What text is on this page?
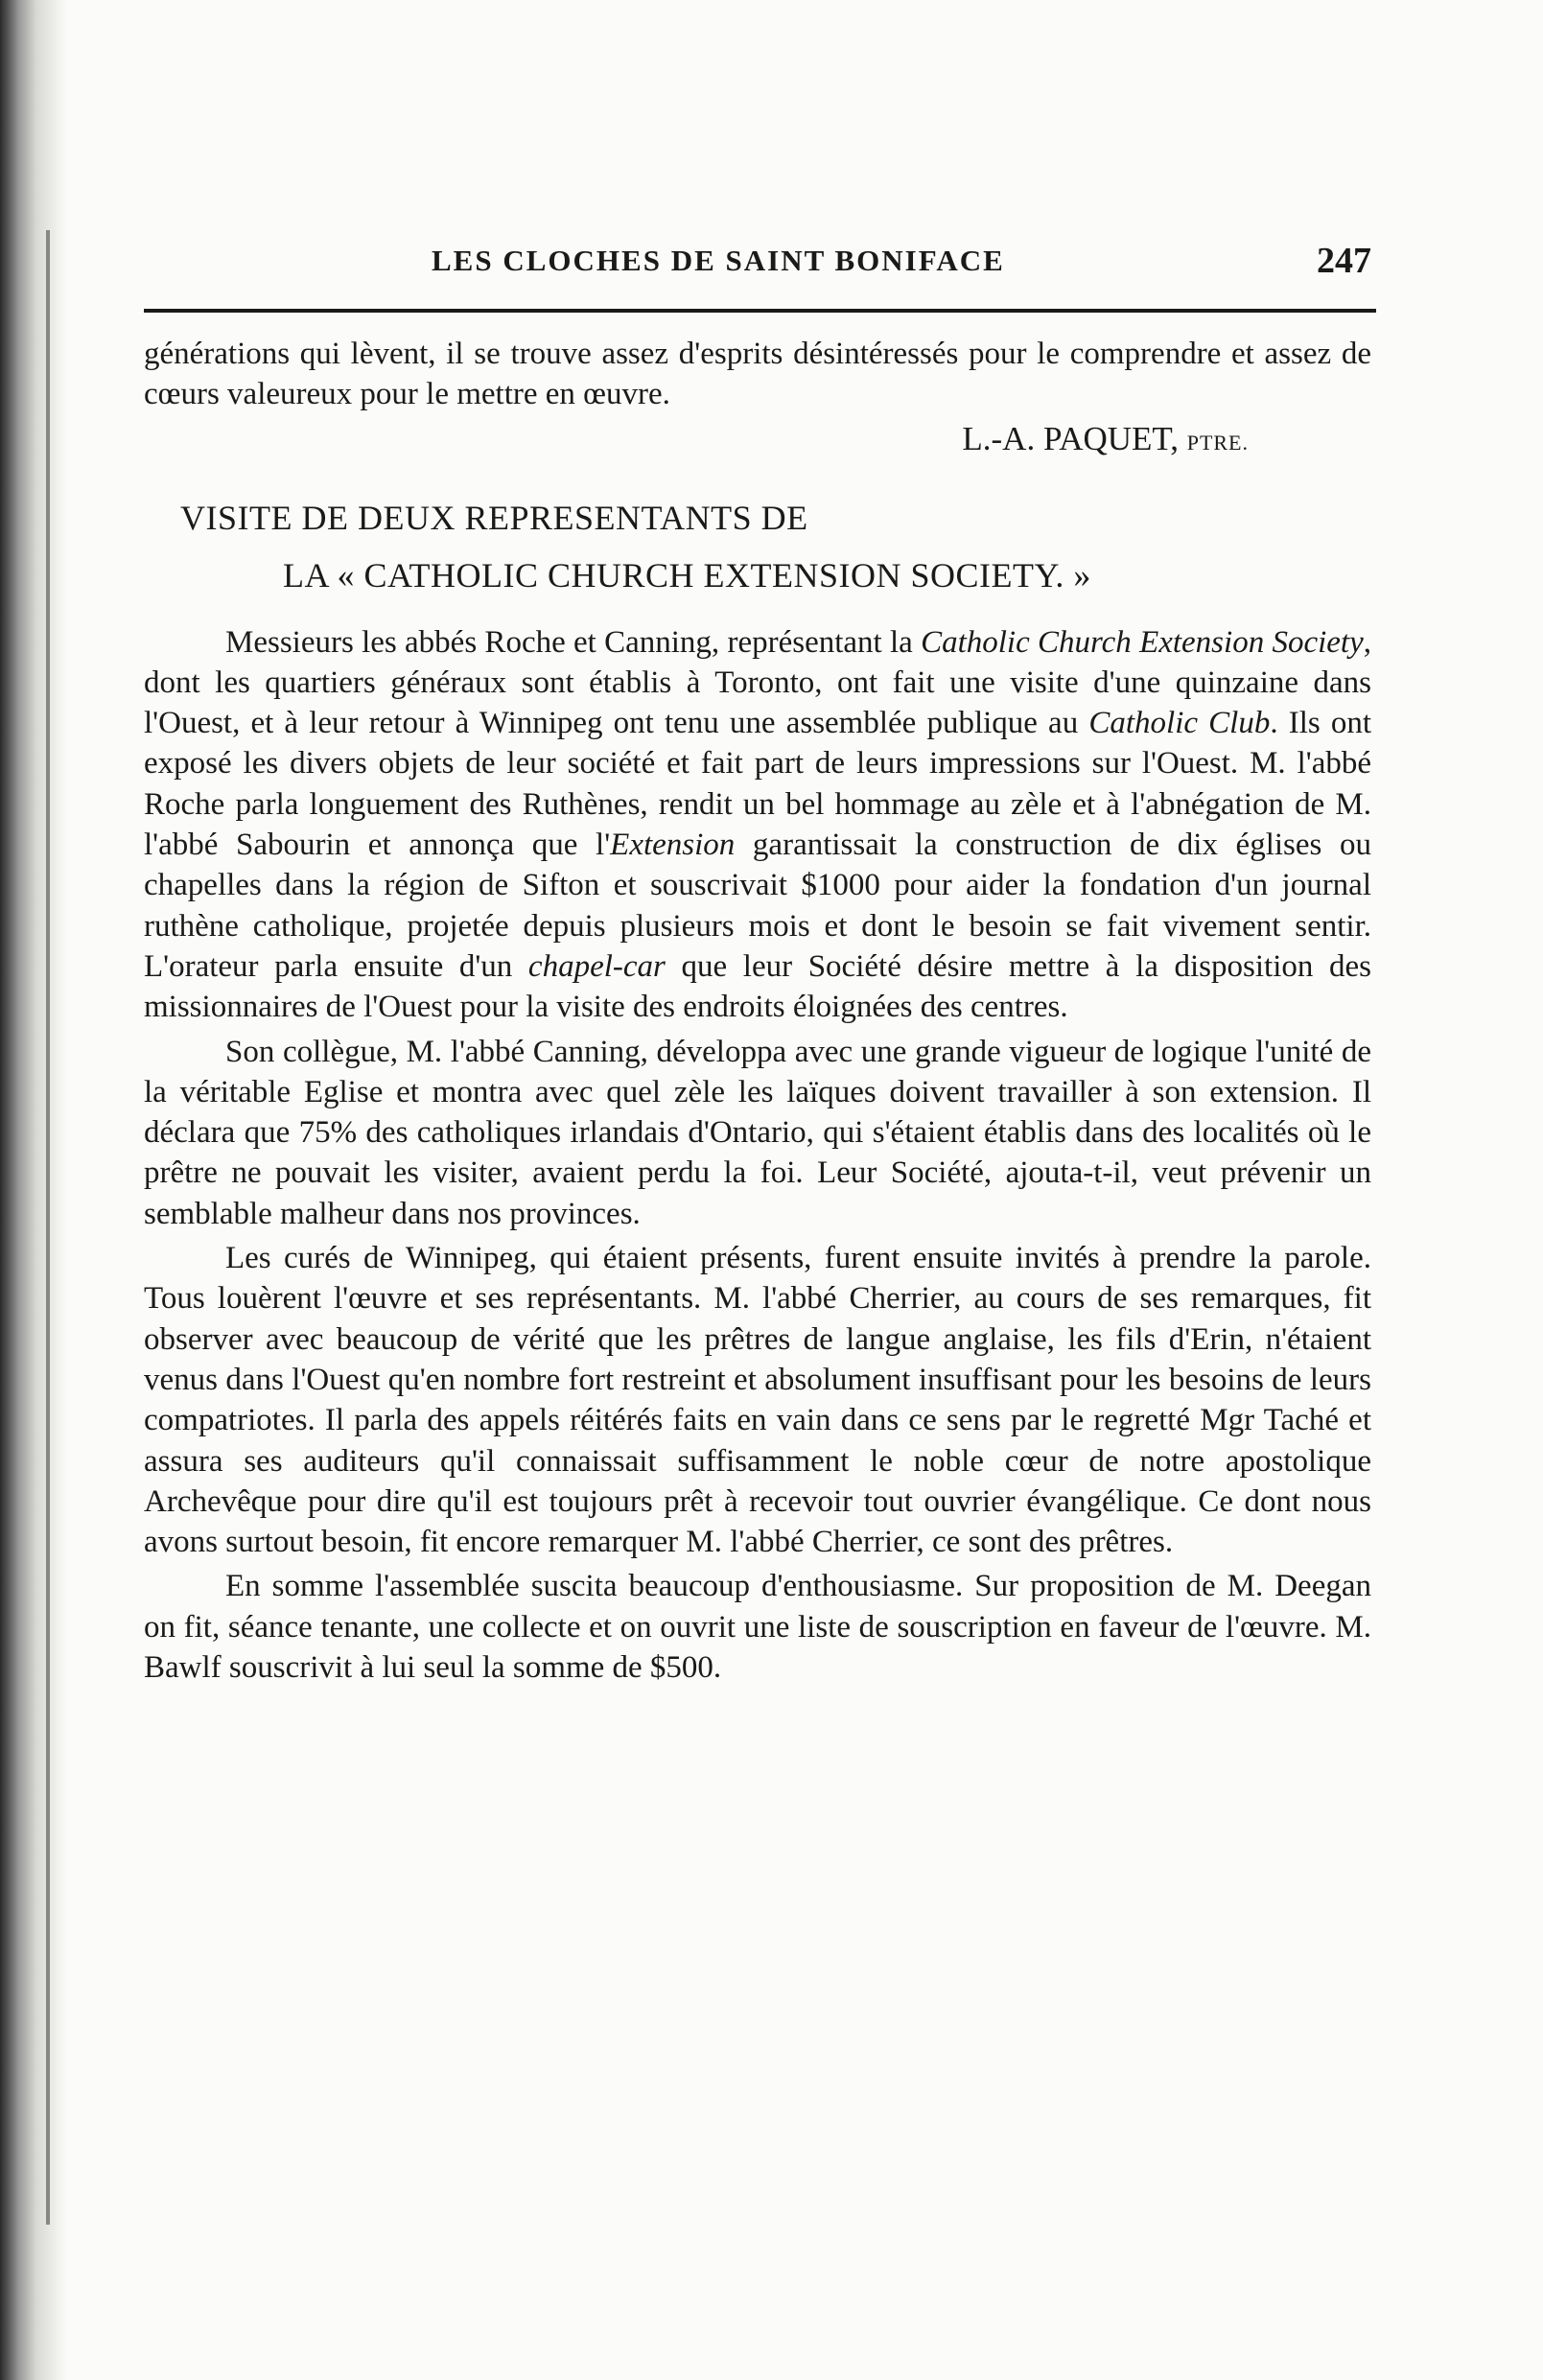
LES CLOCHES DE SAINT BONIFACE	247

générations qui lèvent, il se trouve assez d'esprits désintéressés pour le comprendre et assez de cœurs valeureux pour le mettre en œuvre.

L.-A. PAQUET, PTRE.

VISITE DE DEUX REPRESENTANTS DE

LA « CATHOLIC CHURCH EXTENSION SOCIETY. »

Messieurs les abbés Roche et Canning, représentant la Catholic Church Extension Society, dont les quartiers généraux sont établis à Toronto, ont fait une visite d'une quinzaine dans l'Ouest, et à leur retour à Winnipeg ont tenu une assemblée publique au Catholic Club. Ils ont exposé les divers objets de leur société et fait part de leurs impressions sur l'Ouest. M. l'abbé Roche parla longuement des Ruthènes, rendit un bel hommage au zèle et à l'abnégation de M. l'abbé Sabourin et annonça que l'Extension garantissait la construction de dix églises ou chapelles dans la région de Sifton et souscrivait $1000 pour aider la fondation d'un journal ruthène catholique, projetée depuis plusieurs mois et dont le besoin se fait vivement sentir. L'orateur parla ensuite d'un chapel-car que leur Société désire mettre à la disposition des missionnaires de l'Ouest pour la visite des endroits éloignées des centres.

Son collègue, M. l'abbé Canning, développa avec une grande vigueur de logique l'unité de la véritable Eglise et montra avec quel zèle les laïques doivent travailler à son extension. Il déclara que 75% des catholiques irlandais d'Ontario, qui s'étaient établis dans des localités où le prêtre ne pouvait les visiter, avaient perdu la foi. Leur Société, ajouta-t-il, veut prévenir un semblable malheur dans nos provinces.

Les curés de Winnipeg, qui étaient présents, furent ensuite invités à prendre la parole. Tous louèrent l'œuvre et ses représentants. M. l'abbé Cherrier, au cours de ses remarques, fit observer avec beaucoup de vérité que les prêtres de langue anglaise, les fils d'Erin, n'étaient venus dans l'Ouest qu'en nombre fort restreint et absolument insuffisant pour les besoins de leurs compatriotes. Il parla des appels réitérés faits en vain dans ce sens par le regretté Mgr Taché et assura ses auditeurs qu'il connaissait suffisamment le noble cœur de notre apostolique Archevêque pour dire qu'il est toujours prêt à recevoir tout ouvrier évangélique. Ce dont nous avons surtout besoin, fit encore remarquer M. l'abbé Cherrier, ce sont des prêtres.

En somme l'assemblée suscita beaucoup d'enthousiasme. Sur proposition de M. Deegan on fit, séance tenante, une collecte et on ouvrit une liste de souscription en faveur de l'œuvre. M. Bawlf souscrivit à lui seul la somme de $500.
